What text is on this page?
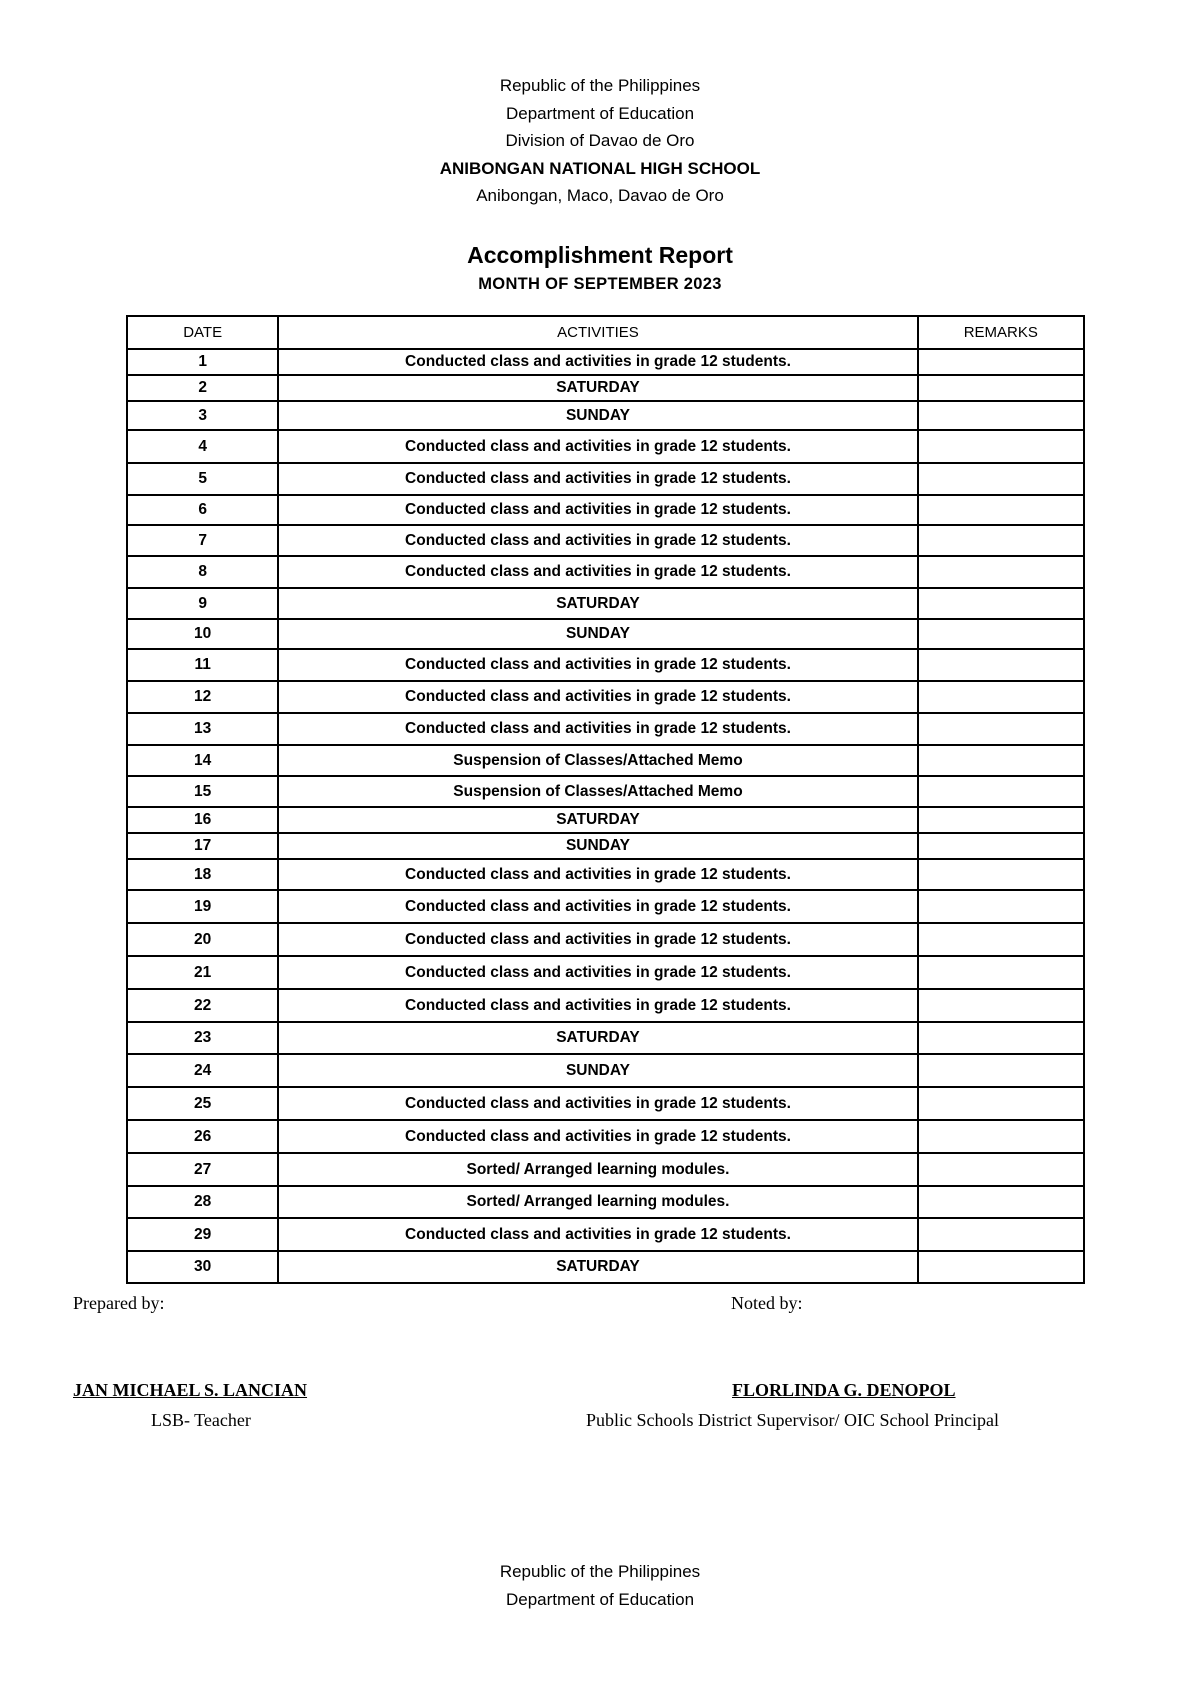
Republic of the Philippines
Department of Education
Division of Davao de Oro
ANIBONGAN NATIONAL HIGH SCHOOL
Anibongan, Maco, Davao de Oro
Accomplishment Report
MONTH OF SEPTEMBER 2023
DATE	ACTIVITIES	REMARKS
1	Conducted class and activities in grade 12 students.	
2	SATURDAY	
3	SUNDAY	
4	Conducted class and activities in grade 12 students.	
5	Conducted class and activities in grade 12 students.	
6	Conducted class and activities in grade 12 students.	
7	Conducted class and activities in grade 12 students.	
8	Conducted class and activities in grade 12 students.	
9	SATURDAY	
10	SUNDAY	
11	Conducted class and activities in grade 12 students.	
12	Conducted class and activities in grade 12 students.	
13	Conducted class and activities in grade 12 students.	
14	Suspension of Classes/Attached Memo	
15	Suspension of Classes/Attached Memo	
16	SATURDAY	
17	SUNDAY	
18	Conducted class and activities in grade 12 students.	
19	Conducted class and activities in grade 12 students.	
20	Conducted class and activities in grade 12 students.	
21	Conducted class and activities in grade 12 students.	
22	Conducted class and activities in grade 12 students.	
23	SATURDAY	
24	SUNDAY	
25	Conducted class and activities in grade 12 students.	
26	Conducted class and activities in grade 12 students.	
27	Sorted/ Arranged learning modules.	
28	Sorted/ Arranged learning modules.	
29	Conducted class and activities in grade 12 students.	
30	SATURDAY	
Prepared by:	Noted by:
JAN MICHAEL S. LANCIAN
LSB- Teacher
FLORLINDA G. DENOPOL
Public Schools District Supervisor/ OIC School Principal
Republic of the Philippines
Department of Education
